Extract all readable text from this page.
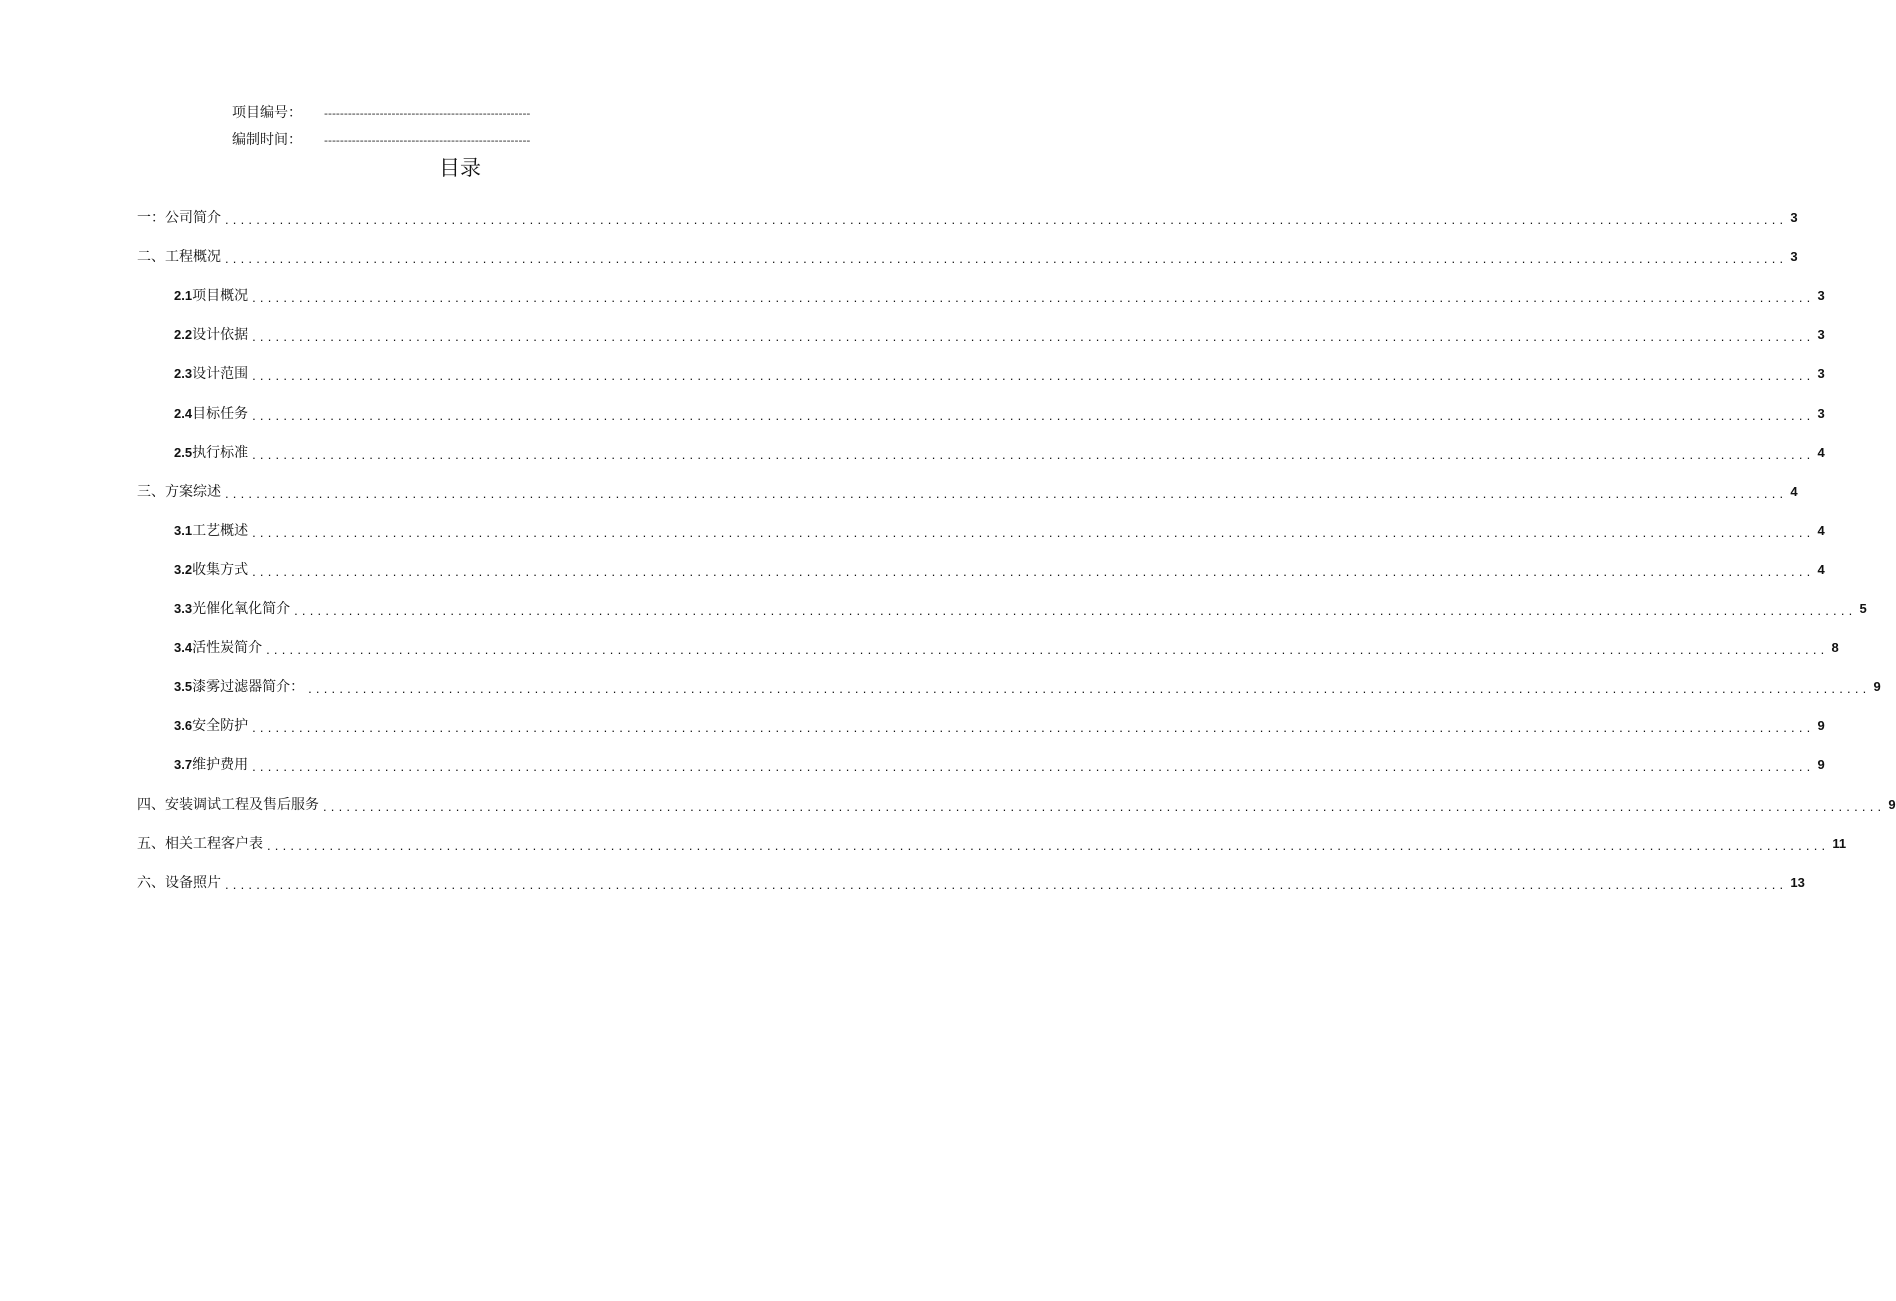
项目编号： ----------------------------------------------------
编制时间： ----------------------------------------------------
目录
一：公司简介 ........................................................................................................................................................................................................ 3
二、工程概况 ........................................................................................................................................................................................................ 3
2.1 项目概况 ........................................................................................................................................................................................................ 3
2.2 设计依据 ........................................................................................................................................................................................................ 3
2.3 设计范围 ........................................................................................................................................................................................................ 3
2.4 目标任务 ........................................................................................................................................................................................................ 3
2.5 执行标准 ........................................................................................................................................................................................................ 4
三、方案综述 ........................................................................................................................................................................................................ 4
3.1 工艺概述 ........................................................................................................................................................................................................ 4
3.2 收集方式 ........................................................................................................................................................................................................ 4
3.3 光催化氧化简介 ........................................................................................................................................................................................................ 5
3.4 活性炭简介 ........................................................................................................................................................................................................ 8
3.5 漆雾过滤器简介： ........................................................................................................................................................................................................ 9
3.6 安全防护 ........................................................................................................................................................................................................ 9
3.7 维护费用 ........................................................................................................................................................................................................ 9
四、安装调试工程及售后服务 ........................................................................................................................................................................................................ 9
五、相关工程客户表 ........................................................................................................................................................................................................ 11
六、设备照片 ........................................................................................................................................................................................................ 13
